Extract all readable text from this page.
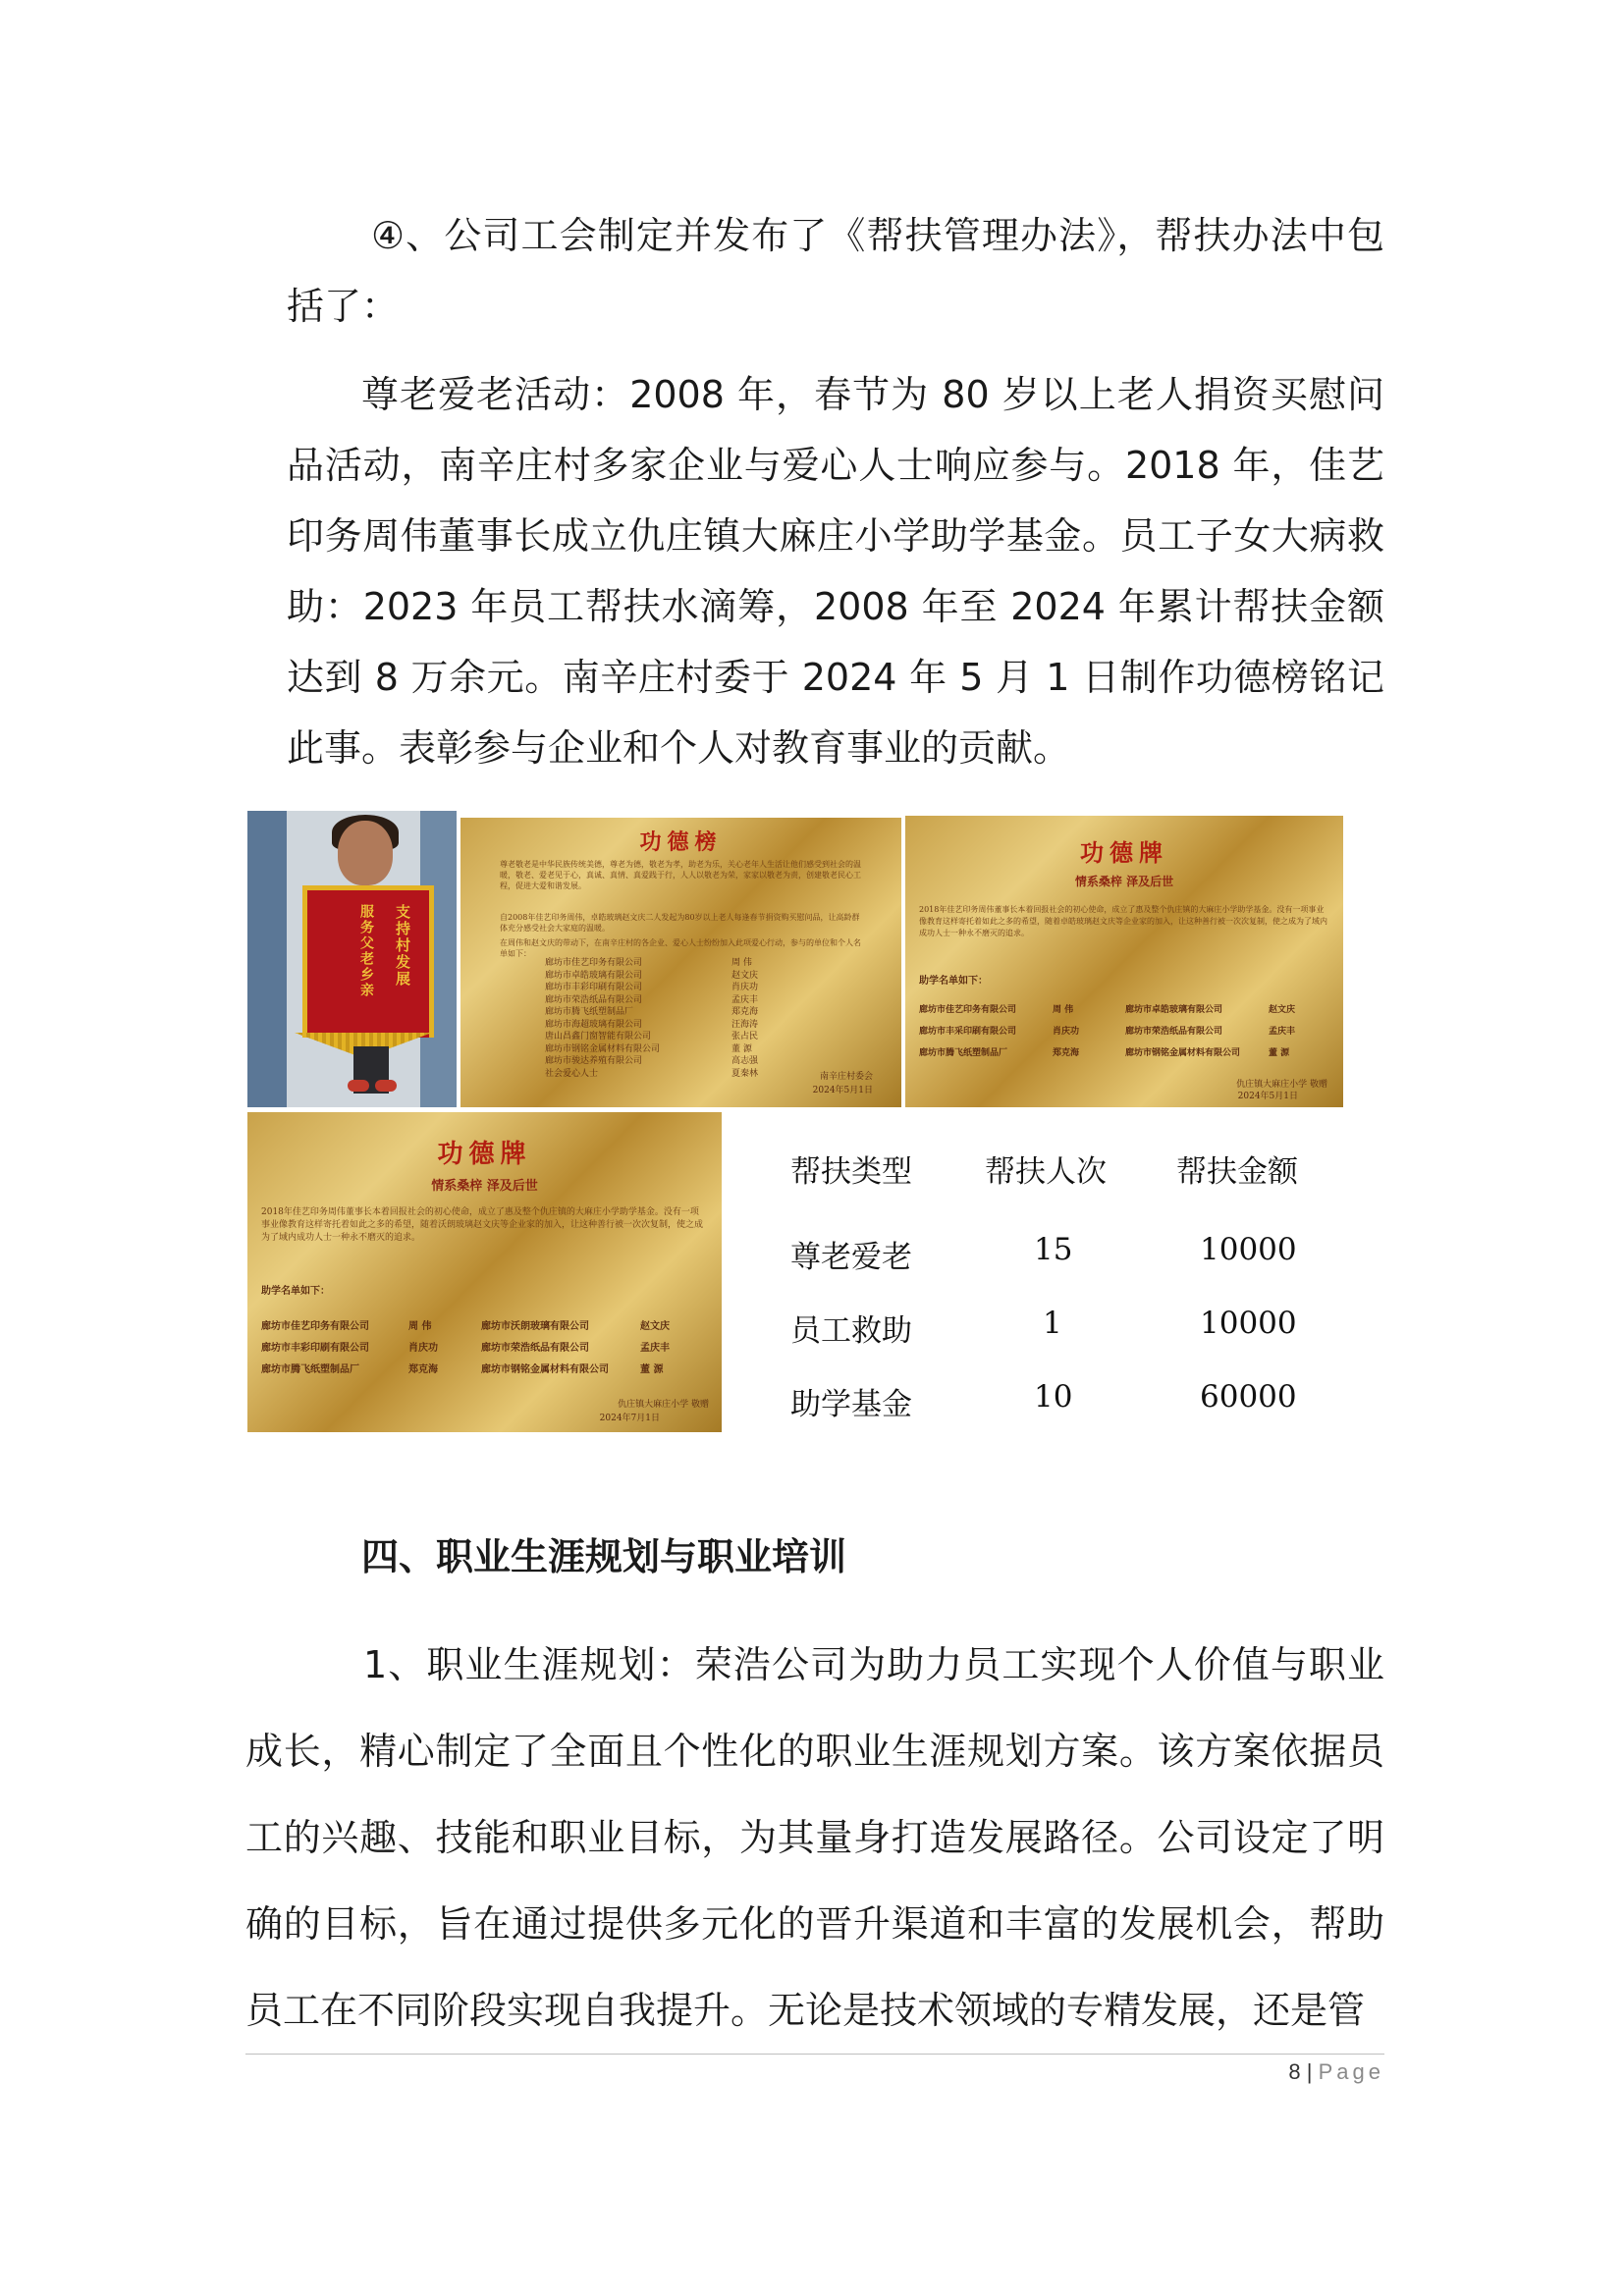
④、公司工会制定并发布了《帮扶管理办法》，帮扶办法中包括了：

尊老爱老活动：2008 年，春节为 80 岁以上老人捐资买慰问品活动，南辛庄村多家企业与爱心人士响应参与。2018 年，佳艺印务周伟董事长成立仇庄镇大麻庄小学助学基金。员工子女大病救助：2023 年员工帮扶水滴筹，2008 年至 2024 年累计帮扶金额达到 8 万余元。南辛庄村委于 2024 年 5 月 1 日制作功德榜铭记此事。表彰参与企业和个人对教育事业的贡献。

支持村发展
服务父老乡亲
功德榜
尊老敬老是中华民族传统美德，尊老为德，敬老为孝，助老为乐，关心老年人生活让他们感受到社会的温暖，敬老、爱老见于心，真诚、真情、真爱践于行，人人以敬老为荣，家家以敬老为责，创建敬老民心工程，促进大爱和谐发展。
自2008年佳艺印务周伟，卓皓玻璃赵文庆二人发起为80岁以上老人每逢春节捐资购买慰问品，让高龄群体充分感受社会大家庭的温暖。
在周伟和赵文庆的带动下，在南辛庄村的各企业、爱心人士纷纷加入此项爱心行动，参与的单位和个人名单如下：
廊坊市佳艺印务有限公司	周 伟
廊坊市卓皓玻璃有限公司	赵文庆
廊坊市丰彩印刷有限公司	肖庆功
廊坊市荣浩纸品有限公司	孟庆丰
廊坊市腾飞纸塑制品厂	郑克海
廊坊市海超玻璃有限公司	汪海涛
唐山昌鑫门窗智能有限公司	张占民
廊坊市钢铭金属材料有限公司	董 源
廊坊市骏达养殖有限公司	高志强
社会爱心人士	夏秦林	南辛庄村委会
2024年5月1日
功德牌
情系桑梓 泽及后世
2018年佳艺印务周伟董事长本着回报社会的初心使命，成立了惠及整个仇庄镇的大麻庄小学助学基金。没有一项事业像教育这样寄托着如此之多的希望，随着卓皓玻璃赵文庆等企业家的加入，让这种善行被一次次复制，使之成为了域内成功人士一种永不磨灭的追求。
助学名单如下：
廊坊市佳艺印务有限公司	周 伟	廊坊市卓皓玻璃有限公司	赵文庆
廊坊市丰采印刷有限公司	肖庆功	廊坊市荣浩纸品有限公司	孟庆丰
廊坊市腾飞纸塑制品厂	郑克海	廊坊市钢铭金属材料有限公司	董 源
仇庄镇大麻庄小学 敬赠
2024年5月1日
功德牌
情系桑梓 泽及后世
2018年佳艺印务周伟董事长本着回报社会的初心使命，成立了惠及整个仇庄镇的大麻庄小学助学基金。没有一项事业像教育这样寄托着如此之多的希望，随着沃朗玻璃赵文庆等企业家的加入，让这种善行被一次次复制，使之成为了域内成功人士一种永不磨灭的追求。
助学名单如下：
廊坊市佳艺印务有限公司	周 伟	廊坊市沃朗玻璃有限公司	赵文庆
廊坊市丰彩印刷有限公司	肖庆功	廊坊市荣浩纸品有限公司	孟庆丰
廊坊市腾飞纸塑制品厂	郑克海	廊坊市钢铭金属材料有限公司	董 源
仇庄镇大麻庄小学 敬赠
2024年7月1日
帮扶类型 帮扶人次 帮扶金额
尊老爱老	15	10000
员工救助	1	10000
助学基金	10	60000
四、职业生涯规划与职业培训

1、职业生涯规划：荣浩公司为助力员工实现个人价值与职业成长，精心制定了全面且个性化的职业生涯规划方案。该方案依据员工的兴趣、技能和职业目标，为其量身打造发展路径。公司设定了明确的目标，旨在通过提供多元化的晋升渠道和丰富的发展机会，帮助员工在不同阶段实现自我提升。无论是技术领域的专精发展，还是管

8 | Page
